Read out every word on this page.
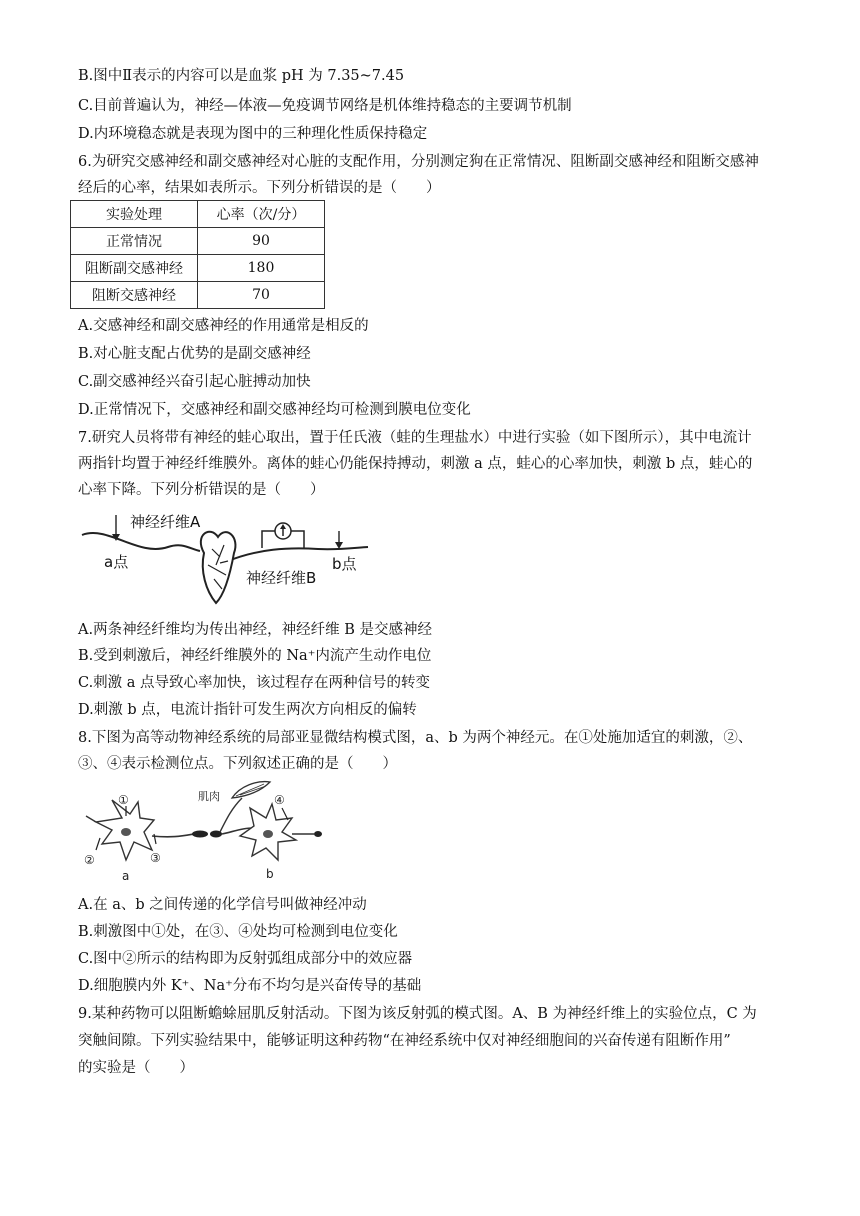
B.图中Ⅱ表示的内容可以是血浆 pH 为 7.35~7.45
C.目前普遍认为，神经—体液—免疫调节网络是机体维持稳态的主要调节机制
D.内环境稳态就是表现为图中的三种理化性质保持稳定
6.为研究交感神经和副交感神经对心脏的支配作用，分别测定狗在正常情况、阻断副交感神经和阻断交感神
经后的心率，结果如表所示。下列分析错误的是（　　）
实验处理	心率（次/分）
正常情况	90
阻断副交感神经	180
阻断交感神经	70
A.交感神经和副交感神经的作用通常是相反的
B.对心脏支配占优势的是副交感神经
C.副交感神经兴奋引起心脏搏动加快
D.正常情况下，交感神经和副交感神经均可检测到膜电位变化
7.研究人员将带有神经的蛙心取出，置于任氏液（蛙的生理盐水）中进行实验（如下图所示），其中电流计
两指针均置于神经纤维膜外。离体的蛙心仍能保持搏动，刺激 a 点，蛙心的心率加快，刺激 b 点，蛙心的
心率下降。下列分析错误的是（　　）
神经纤维A
a点
神经纤维B
b点
A.两条神经纤维均为传出神经，神经纤维 B 是交感神经
B.受到刺激后，神经纤维膜外的 Na⁺内流产生动作电位
C.刺激 a 点导致心率加快，该过程存在两种信号的转变
D.刺激 b 点，电流计指针可发生两次方向相反的偏转
8.下图为高等动物神经系统的局部亚显微结构模式图，a、b 为两个神经元。在①处施加适宜的刺激，②、
③、④表示检测位点。下列叙述正确的是（　　）
肌肉
①
②	③
④
a	b
A.在 a、b 之间传递的化学信号叫做神经冲动
B.刺激图中①处，在③、④处均可检测到电位变化
C.图中②所示的结构即为反射弧组成部分中的效应器
D.细胞膜内外 K⁺、Na⁺分布不均匀是兴奋传导的基础
9.某种药物可以阻断蟾蜍屈肌反射活动。下图为该反射弧的模式图。A、B 为神经纤维上的实验位点，C 为
突触间隙。下列实验结果中，能够证明这种药物“在神经系统中仅对神经细胞间的兴奋传递有阻断作用”
的实验是（　　）
